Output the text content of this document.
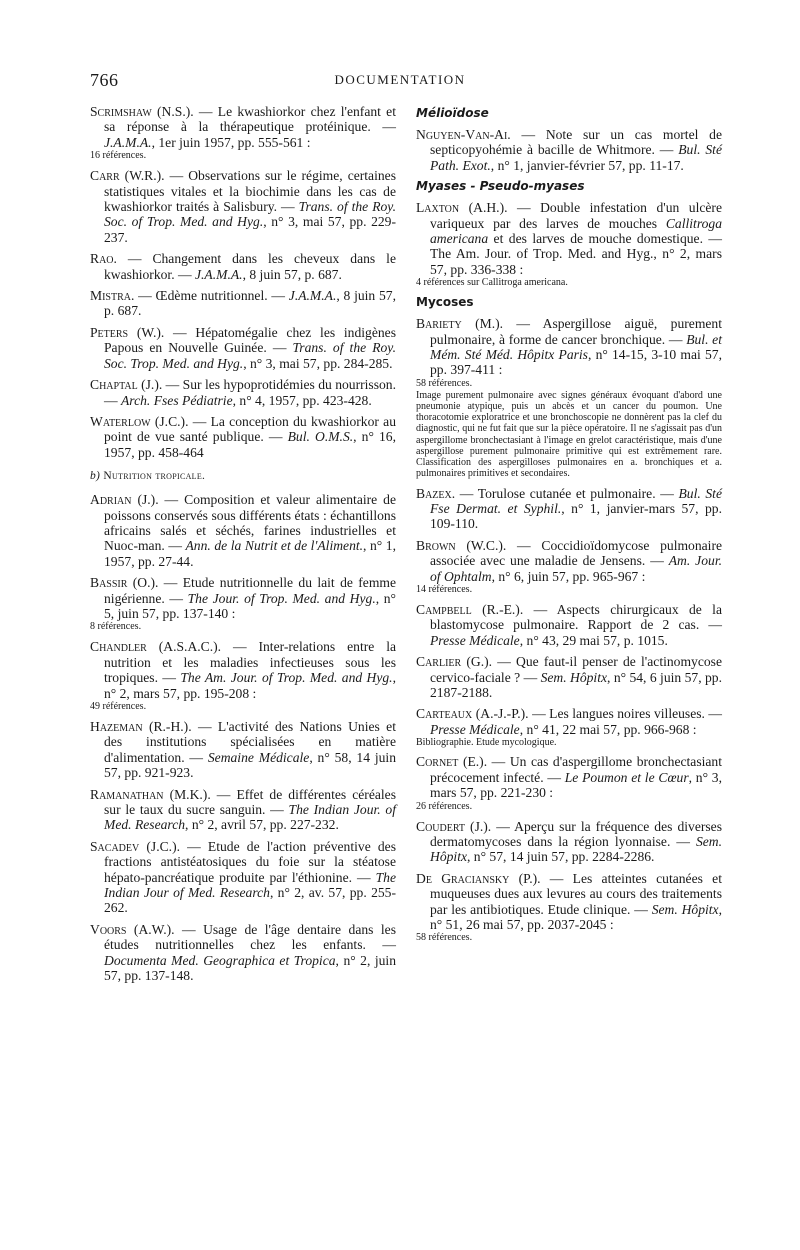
766	DOCUMENTATION
Scrimshaw (N.S.). — Le kwashiorkor chez l'enfant et sa réponse à la thérapeutique protéinique. — J.A.M.A., 1er juin 1957, pp. 555-561 :
16 références.
Carr (W.R.). — Observations sur le régime, certaines statistiques vitales et la biochimie dans les cas de kwashiorkor traités à Salisbury. — Trans. of the Roy. Soc. of Trop. Med. and Hyg., n° 3, mai 57, pp. 229-237.
Rao. — Changement dans les cheveux dans le kwashiorkor. — J.A.M.A., 8 juin 57, p. 687.
Mistra. — Œdème nutritionnel. — J.A.M.A., 8 juin 57, p. 687.
Peters (W.). — Hépatomégalie chez les indigènes Papous en Nouvelle Guinée. — Trans. of the Roy. Soc. Trop. Med. and Hyg., n° 3, mai 57, pp. 284-285.
Chaptal (J.). — Sur les hypoprotidémies du nourrisson. — Arch. Fses Pédiatrie, n° 4, 1957, pp. 423-428.
Waterlow (J.C.). — La conception du kwashiorkor au point de vue santé publique. — Bul. O.M.S., n° 16, 1957, pp. 458-464
b) Nutrition tropicale.
Adrian (J.). — Composition et valeur alimentaire de poissons conservés sous différents états : échantillons africains salés et séchés, farines industrielles et Nuoc-man. — Ann. de la Nutrit et de l'Aliment., n° 1, 1957, pp. 27-44.
Bassir (O.). — Etude nutritionnelle du lait de femme nigérienne. — The Jour. of Trop. Med. and Hyg., n° 5, juin 57, pp. 137-140 :
8 références.
Chandler (A.S.A.C.). — Inter-relations entre la nutrition et les maladies infectieuses sous les tropiques. — The Am. Jour. of Trop. Med. and Hyg., n° 2, mars 57, pp. 195-208 :
49 références.
Hazeman (R.-H.). — L'activité des Nations Unies et des institutions spécialisées en matière d'alimentation. — Semaine Médicale, n° 58, 14 juin 57, pp. 921-923.
Ramanathan (M.K.). — Effet de différentes céréales sur le taux du sucre sanguin. — The Indian Jour. of Med. Research, n° 2, avril 57, pp. 227-232.
Sacadev (J.C.). — Etude de l'action préventive des fractions antistéatosiques du foie sur la stéatose hépato-pancréatique produite par l'éthionine. — The Indian Jour of Med. Research, n° 2, av. 57, pp. 255-262.
Voors (A.W.). — Usage de l'âge dentaire dans les études nutritionnelles chez les enfants. — Documenta Med. Geographica et Tropica, n° 2, juin 57, pp. 137-148.
Mélioïdose
Nguyen-Van-Ai. — Note sur un cas mortel de septicopyohémie à bacille de Whitmore. — Bul. Sté Path. Exot., n° 1, janvier-février 57, pp. 11-17.
Myases - Pseudo-myases
Laxton (A.H.). — Double infestation d'un ulcère variqueux par des larves de mouches Callitroga americana et des larves de mouche domestique. — The Am. Jour. of Trop. Med. and Hyg., n° 2, mars 57, pp. 336-338 :
4 références sur Callitroga americana.
Mycoses
Bariety (M.). — Aspergillose aiguë, purement pulmonaire, à forme de cancer bronchique. — Bul. et Mém. Sté Méd. Hôpitx Paris, n° 14-15, 3-10 mai 57, pp. 397-411 :
58 références.
Image purement pulmonaire avec signes généraux évoquant d'abord une pneumonie atypique, puis un abcès et un cancer du poumon. Une thoracotomie exploratrice et une bronchoscopie ne donnèrent pas la clef du diagnostic, qui ne fut fait que sur la pièce opératoire. Il ne s'agissait pas d'un aspergillome bronchectasiant à l'image en grelot caractéristique, mais d'une aspergillose purement pulmonaire primitive qui est extrêmement rare. Classification des aspergilloses pulmonaires en a. bronchiques et a. pulmonaires primitives et secondaires.
Bazex. — Torulose cutanée et pulmonaire. — Bul. Sté Fse Dermat. et Syphil., n° 1, janvier-mars 57, pp. 109-110.
Brown (W.C.). — Coccidioïdomycose pulmonaire associée avec une maladie de Jensens. — Am. Jour. of Ophtalm, n° 6, juin 57, pp. 965-967 :
14 références.
Campbell (R.-E.). — Aspects chirurgicaux de la blastomycose pulmonaire. Rapport de 2 cas. — Presse Médicale, n° 43, 29 mai 57, p. 1015.
Carlier (G.). — Que faut-il penser de l'actinomycose cervico-faciale ? — Sem. Hôpitx, n° 54, 6 juin 57, pp. 2187-2188.
Carteaux (A.-J.-P.). — Les langues noires villeuses. — Presse Médicale, n° 41, 22 mai 57, pp. 966-968 :
Bibliographie. Etude mycologique.
Cornet (E.). — Un cas d'aspergillome bronchectasiant précocement infecté. — Le Poumon et le Cœur, n° 3, mars 57, pp. 221-230 :
26 références.
Coudert (J.). — Aperçu sur la fréquence des diverses dermatomycoses dans la région lyonnaise. — Sem. Hôpitx, n° 57, 14 juin 57, pp. 2284-2286.
De Graciansky (P.). — Les atteintes cutanées et muqueuses dues aux levures au cours des traitements par les antibiotiques. Etude clinique. — Sem. Hôpitx, n° 51, 26 mai 57, pp. 2037-2045 :
58 références.
